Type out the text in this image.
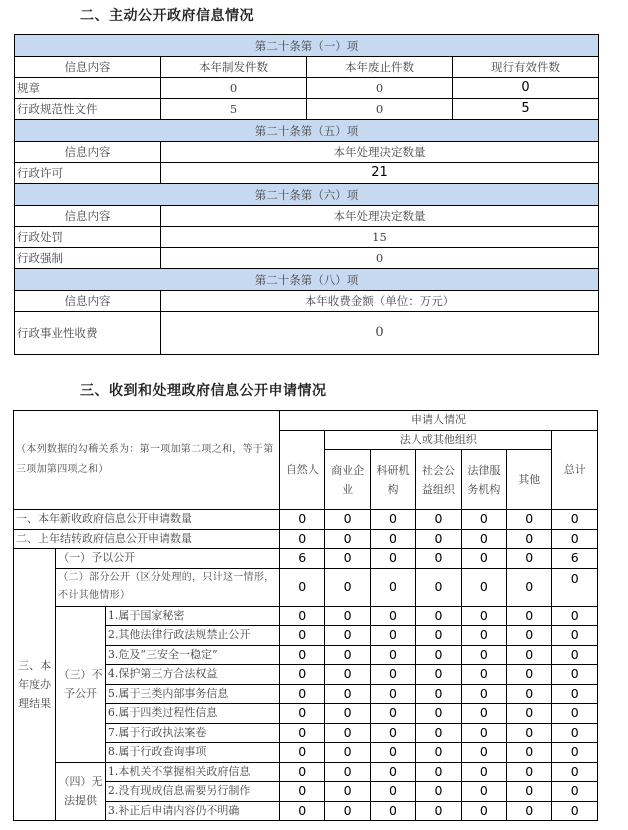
二、主动公开政府信息情况
第二十条第（一）项			
信息内容	本年制发件数	本年废止件数	现行有效件数
规章	0	0	0
行政规范性文件	5	0	5
第二十条第（五）项			
信息内容	本年处理决定数量		
行政许可	21		
第二十条第（六）项			
信息内容	本年处理决定数量		
行政处罚	15		
行政强制	0		
第二十条第（八）项			
信息内容	本年收费金额（单位：万元）		
行政事业性收费	0		
三、收到和处理政府信息公开申请情况
（本列数据的勾稽关系为：第一项加第二项之和，等于第三项加第四项之和）			申请人情况						
			自然人	法人或其他组织					总计
				商业企业	科研机构	社会公益组织	法律服务机构	其他	
一、本年新收政府信息公开申请数量			0	0	0	0	0	0	0
二、上年结转政府信息公开申请数量			0	0	0	0	0	0	0
三、本年度办理结果	（一）予以公开		6	0	0	0	0	0	6
	（二）部分公开（区分处理的，只计这一情形，不计其他情形）		0	0	0	0	0	0	0
	（三）不予公开	1.属于国家秘密	0	0	0	0	0	0	0
		2.其他法律行政法规禁止公开	0	0	0	0	0	0	0
		3.危及“三安全一稳定”	0	0	0	0	0	0	0
		4.保护第三方合法权益	0	0	0	0	0	0	0
		5.属于三类内部事务信息	0	0	0	0	0	0	0
		6.属于四类过程性信息	0	0	0	0	0	0	0
		7.属于行政执法案卷	0	0	0	0	0	0	0
		8.属于行政查询事项	0	0	0	0	0	0	0
	（四）无法提供	1.本机关不掌握相关政府信息	0	0	0	0	0	0	0
		2.没有现成信息需要另行制作	0	0	0	0	0	0	0
		3.补正后申请内容仍不明确	0	0	0	0	0	0	0
